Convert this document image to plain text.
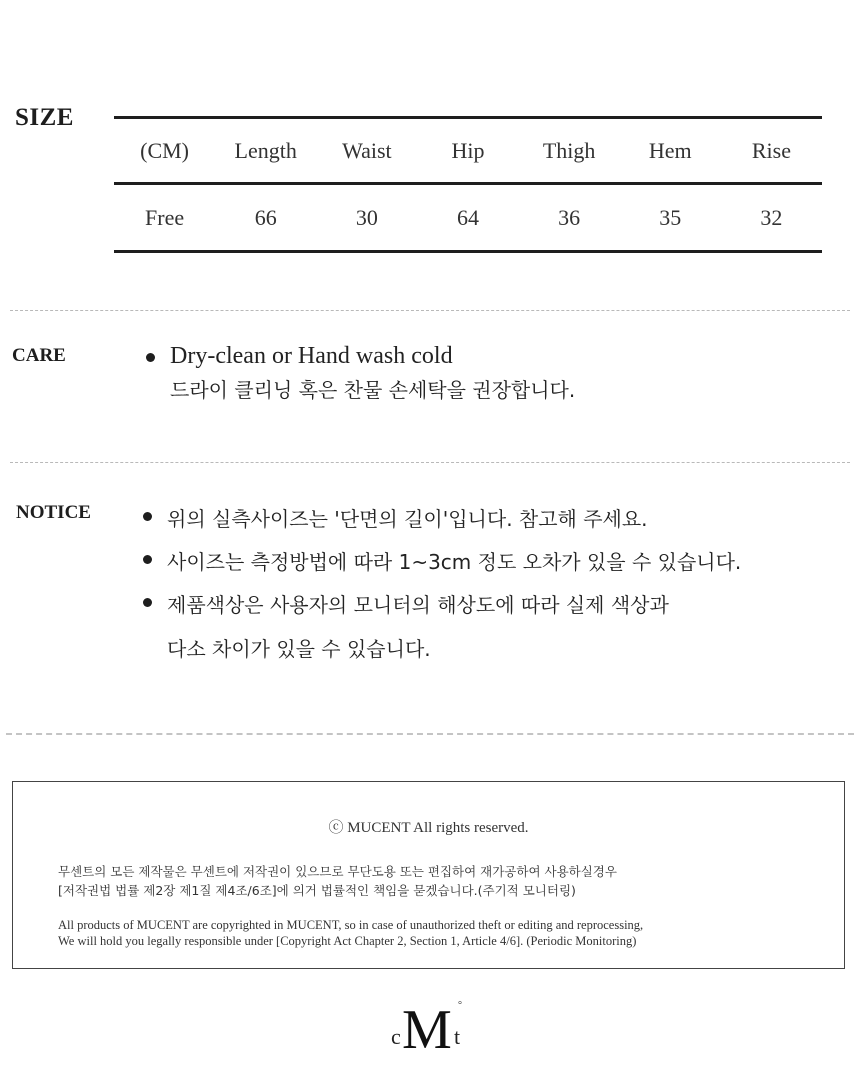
SIZE
(CM)	Length	Waist	Hip	Thigh	Hem	Rise
Free	66	30	64	36	35	32
CARE	Dry-clean or Hand wash cold
드라이 클리닝 혹은 찬물 손세탁을 권장합니다.
NOTICE	위의 실측사이즈는 '단면의 길이'입니다. 참고해 주세요.
사이즈는 측정방법에 따라 1~3cm 정도 오차가 있을 수 있습니다.
제품색상은 사용자의 모니터의 해상도에 따라 실제 색상과
다소 차이가 있을 수 있습니다.
ⓒ MUCENT All rights reserved.
무센트의 모든 제작물은 무센트에 저작권이 있으므로 무단도용 또는 편집하여 재가공하여 사용하실경우
[저작권법 법률 제2장 제1질 제4조/6조]에 의거 법률적인 책임을 묻겠습니다.(주기적 모니터링)
All products of MUCENT are copyrighted in MUCENT, so in case of unauthorized theft or editing and reprocessing,
We will hold you legally responsible under [Copyright Act Chapter 2, Section 1, Article 4/6]. (Periodic Monitoring)
c M t
°
